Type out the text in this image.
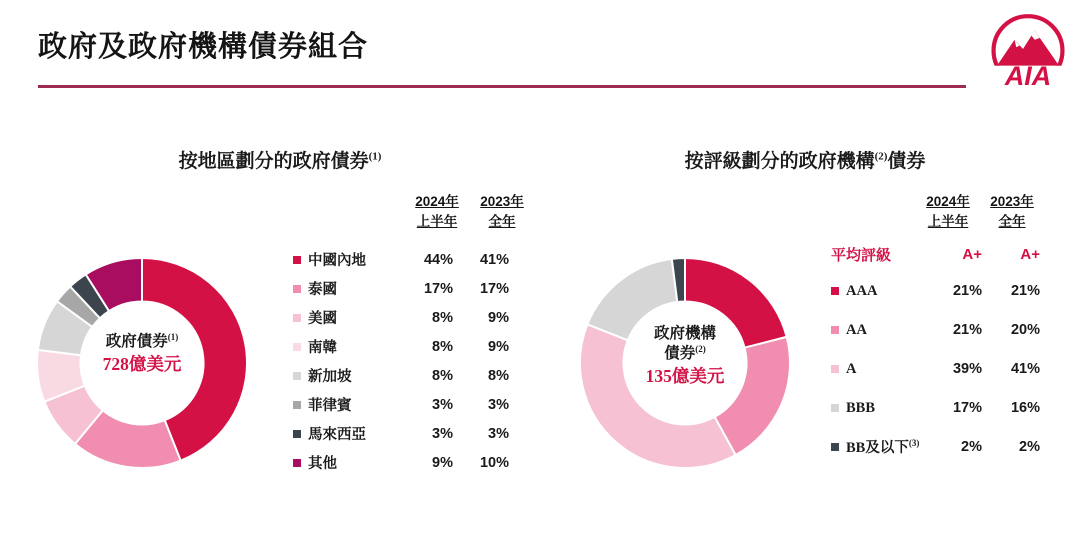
政府及政府機構債券組合
AIA
按地區劃分的政府債券$^{(1)}$
2024年
上半年
2023年
全年
政府債券$^{(1)}$
728億美元
中國內地	44%	41%
泰國	17%	17%
美國	8%	9%
南韓	8%	9%
新加坡	8%	8%
菲律賓	3%	3%
馬來西亞	3%	3%
其他	9%	10%
按評級劃分的政府機構$^{(2)}$債券
2024年
上半年
2023年
全年
政府機構
債券$^{(2)}$
135億美元
平均評級	A+	A+
AAA	21%	21%
AA	21%	20%
A	39%	41%
BBB	17%	16%
BB及以下$^{(3)}$	2%	2%
